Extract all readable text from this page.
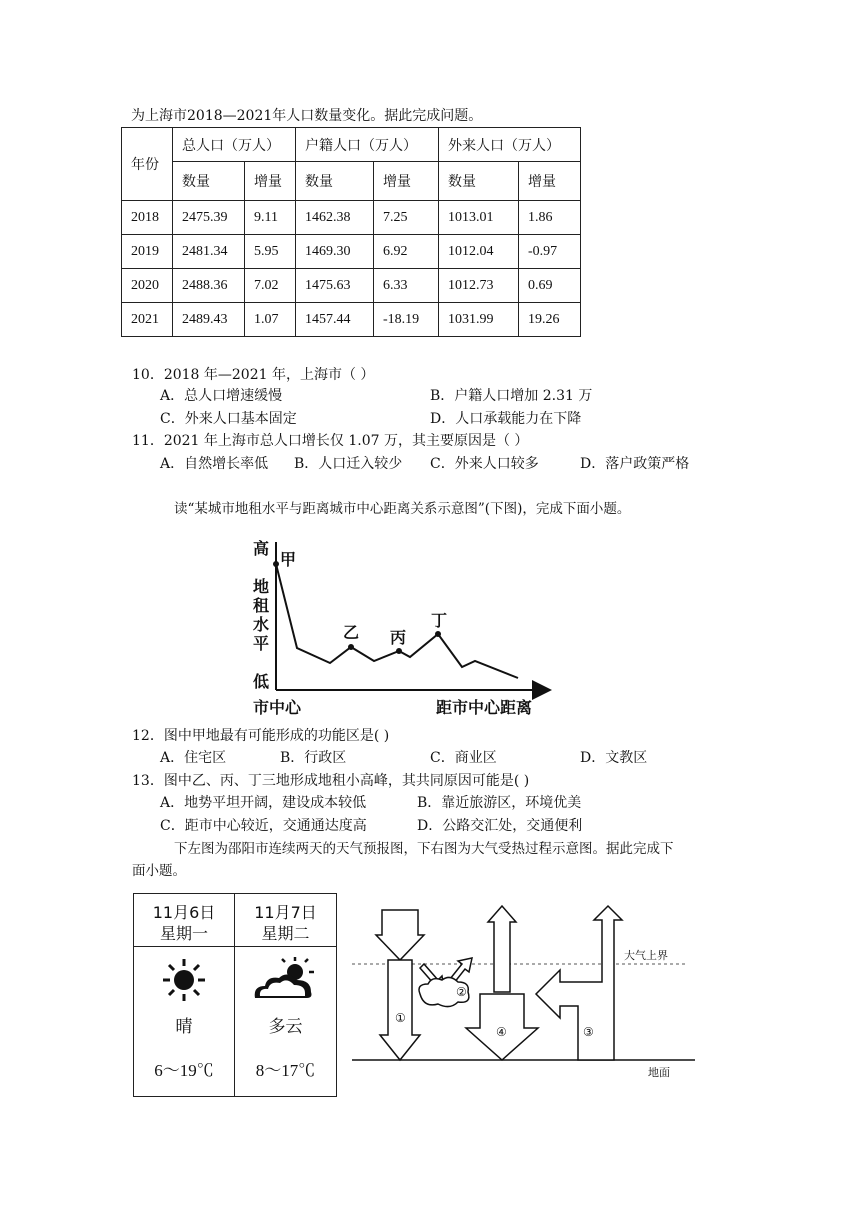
为上海市2018—2021年人口数量变化。据此完成问题。
年份	总人口（万人）		户籍人口（万人）		外来人口（万人）	
	数量	增量	数量	增量	数量	增量
2018	2475.39	9.11	1462.38	7.25	1013.01	1.86
2019	2481.34	5.95	1469.30	6.92	1012.04	-0.97
2020	2488.36	7.02	1475.63	6.33	1012.73	0.69
2021	2489.43	1.07	1457.44	-18.19	1031.99	19.26
10．2018 年—2021 年，上海市（ ）
A．总人口增速缓慢	B．户籍人口增加 2.31 万
C．外来人口基本固定	D．人口承载能力在下降
11．2021 年上海市总人口增长仅 1.07 万，其主要原因是（ ）
A．自然增长率低 B．人口迁入较少 C．外来人口较多	D．落户政策严格
读“某城市地租水平与距离城市中心距离关系示意图”(下图)，完成下面小题。
高
地
租
水
平
低
市中心	距市中心距离
甲
乙 丙
丁
12．图中甲地最有可能形成的功能区是( )
A．住宅区	B．行政区	C．商业区	D．文教区
13．图中乙、丙、丁三地形成地租小高峰，其共同原因可能是( )
A．地势平坦开阔，建设成本较低	B．靠近旅游区，环境优美
C．距市中心较近，交通通达度高	D．公路交汇处，交通便利
下左图为邵阳市连续两天的天气预报图，下右图为大气受热过程示意图。据此完成下
面小题。
11月6日
星期一
晴
6～19℃
11月7日
星期二
多云
8～17℃
①
②
③
④
大气上界
地面
